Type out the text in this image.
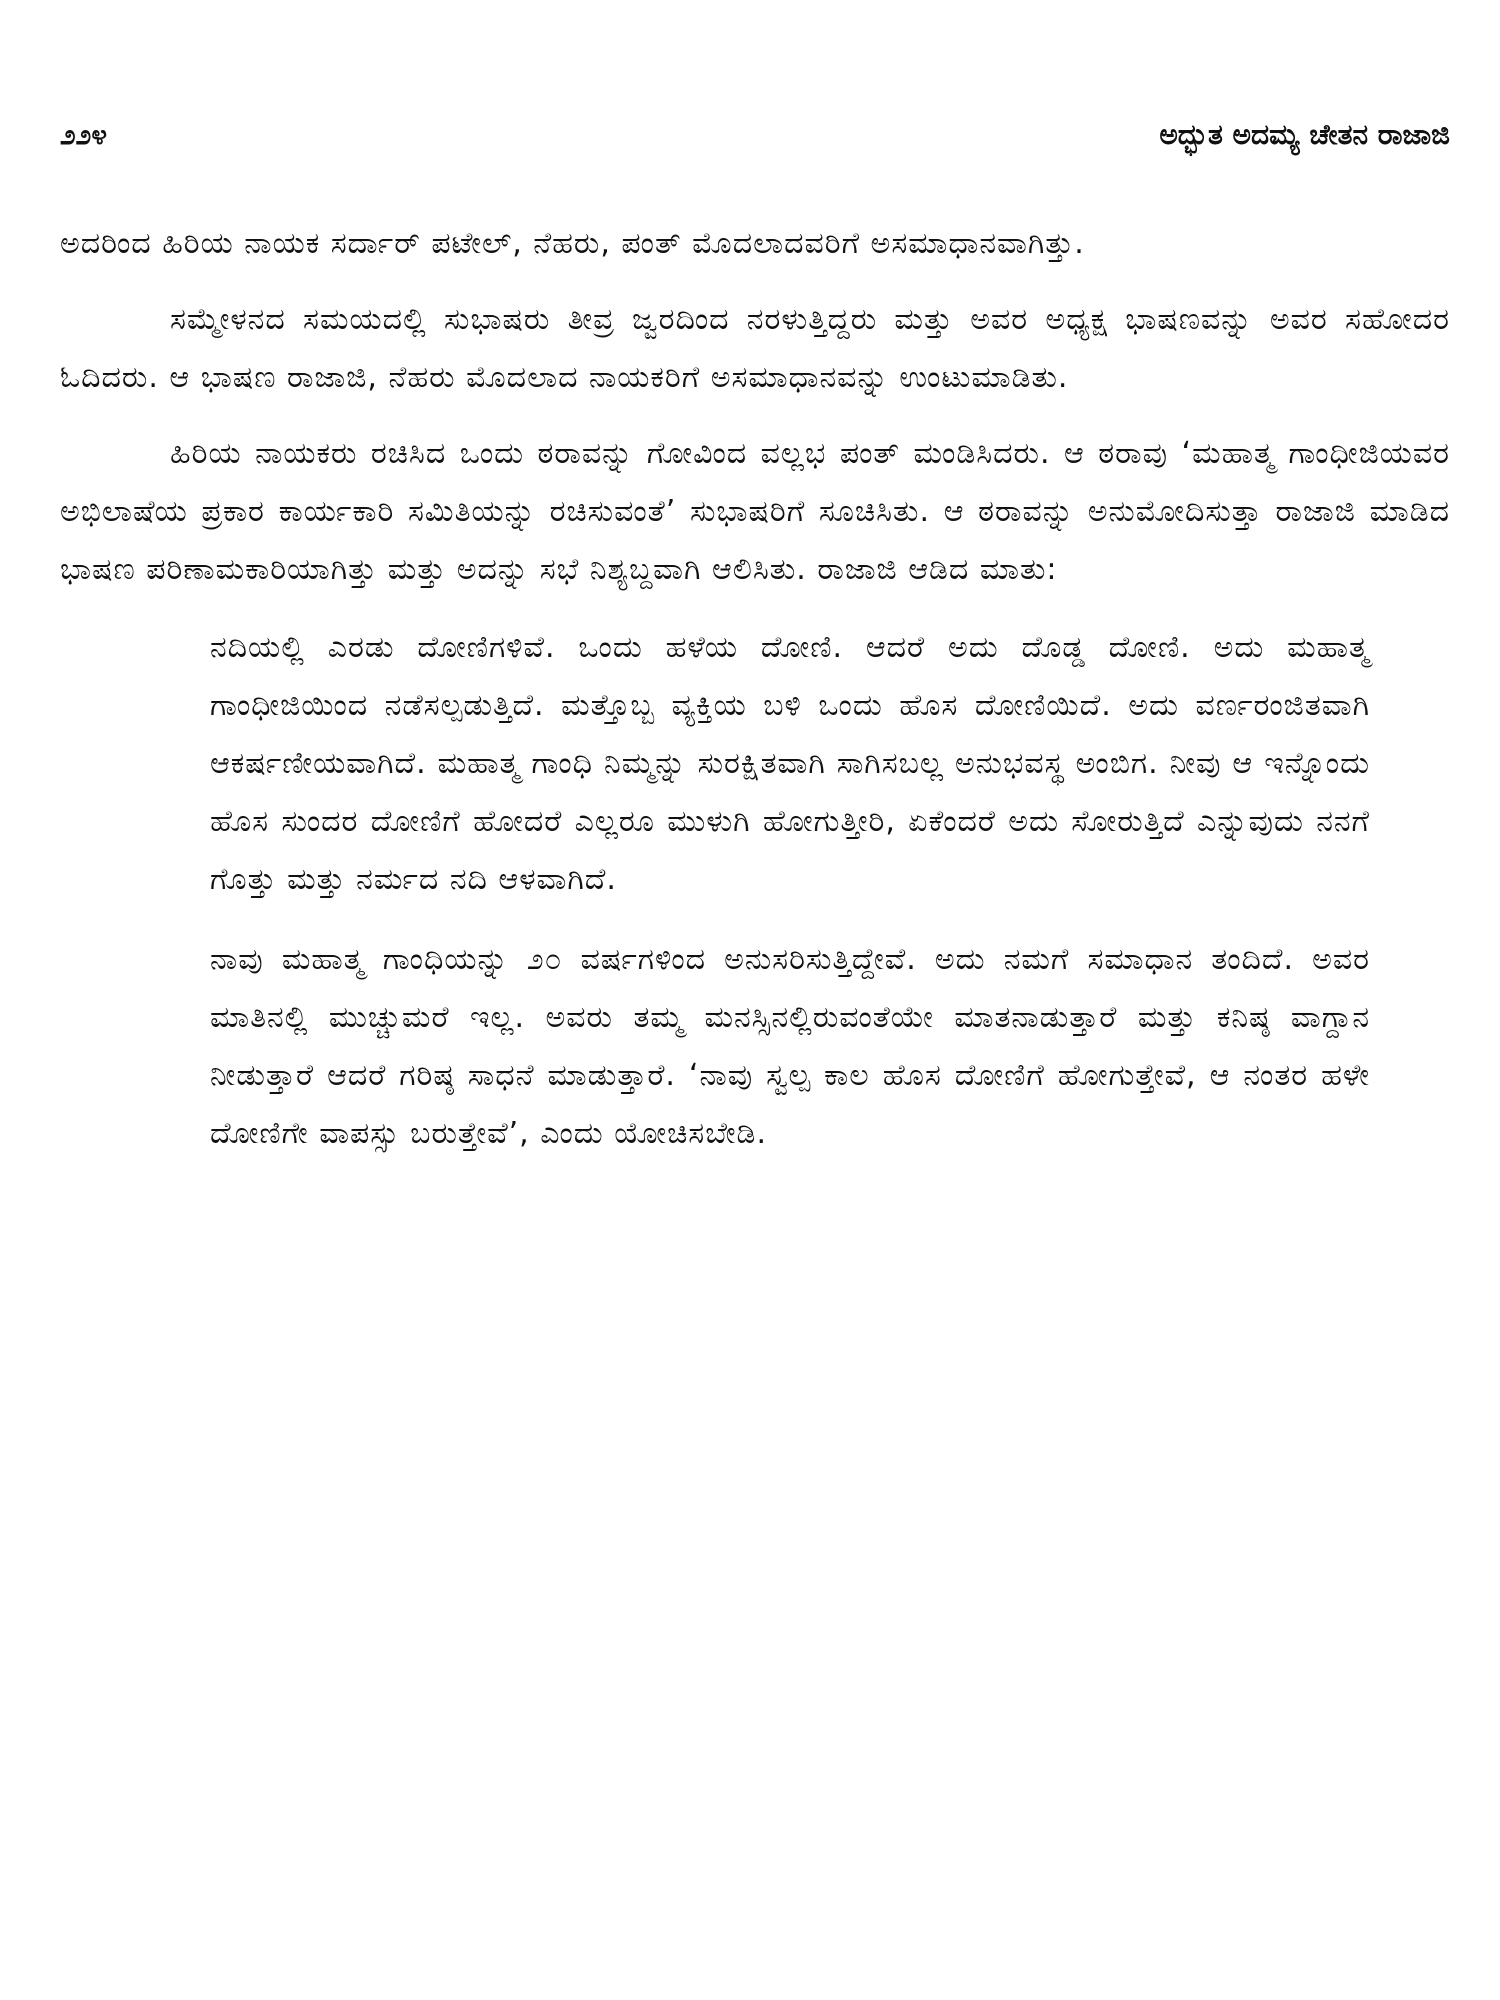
೨೨೪	ಅದ್ಭುತ ಅದಮ್ಯ ಚೇತನ ರಾಜಾಜಿ

ಅದರಿಂದ ಹಿರಿಯ ನಾಯಕ ಸರ್ದಾರ್ ಪಟೇಲ್, ನೆಹರು, ಪಂತ್ ಮೊದಲಾದವರಿಗೆ ಅಸಮಾಧಾನವಾಗಿತ್ತು.

ಸಮ್ಮೇಳನದ ಸಮಯದಲ್ಲಿ ಸುಭಾಷರು ತೀವ್ರ ಜ್ವರದಿಂದ ನರಳುತ್ತಿದ್ದರು ಮತ್ತು ಅವರ ಅಧ್ಯಕ್ಷ ಭಾಷಣವನ್ನು ಅವರ ಸಹೋದರ ಓದಿದರು. ಆ ಭಾಷಣ ರಾಜಾಜಿ, ನೆಹರು ಮೊದಲಾದ ನಾಯಕರಿಗೆ ಅಸಮಾಧಾನವನ್ನು ಉಂಟುಮಾಡಿತು.

ಹಿರಿಯ ನಾಯಕರು ರಚಿಸಿದ ಒಂದು ಠರಾವನ್ನು ಗೋವಿಂದ ವಲ್ಲಭ ಪಂತ್ ಮಂಡಿಸಿದರು. ಆ ಠರಾವು ‘ಮಹಾತ್ಮ ಗಾಂಧೀಜಿಯವರ ಅಭಿಲಾಷೆಯ ಪ್ರಕಾರ ಕಾರ್ಯಕಾರಿ ಸಮಿತಿಯನ್ನು ರಚಿಸುವಂತೆ’ ಸುಭಾಷರಿಗೆ ಸೂಚಿಸಿತು. ಆ ಠರಾವನ್ನು ಅನುಮೋದಿಸುತ್ತಾ ರಾಜಾಜಿ ಮಾಡಿದ ಭಾಷಣ ಪರಿಣಾಮಕಾರಿಯಾಗಿತ್ತು ಮತ್ತು ಅದನ್ನು ಸಭೆ ನಿಶ್ಯಬ್ದವಾಗಿ ಆಲಿಸಿತು. ರಾಜಾಜಿ ಆಡಿದ ಮಾತು:

ನದಿಯಲ್ಲಿ ಎರಡು ದೋಣಿಗಳಿವೆ. ಒಂದು ಹಳೆಯ ದೋಣಿ. ಆದರೆ ಅದು ದೊಡ್ಡ ದೋಣಿ. ಅದು ಮಹಾತ್ಮ ಗಾಂಧೀಜಿಯಿಂದ ನಡೆಸಲ್ಪಡುತ್ತಿದೆ. ಮತ್ತೊಬ್ಬ ವ್ಯಕ್ತಿಯ ಬಳಿ ಒಂದು ಹೊಸ ದೋಣಿಯಿದೆ. ಅದು ವರ್ಣರಂಜಿತವಾಗಿ ಆಕರ್ಷಣೀಯವಾಗಿದೆ. ಮಹಾತ್ಮ ಗಾಂಧಿ ನಿಮ್ಮನ್ನು ಸುರಕ್ಷಿತವಾಗಿ ಸಾಗಿಸಬಲ್ಲ ಅನುಭವಸ್ಥ ಅಂಬಿಗ. ನೀವು ಆ ಇನ್ನೊಂದು ಹೊಸ ಸುಂದರ ದೋಣಿಗೆ ಹೋದರೆ ಎಲ್ಲರೂ ಮುಳುಗಿ ಹೋಗುತ್ತೀರಿ, ಏಕೆಂದರೆ ಅದು ಸೋರುತ್ತಿದೆ ಎನ್ನುವುದು ನನಗೆ ಗೊತ್ತು ಮತ್ತು ನರ್ಮದ ನದಿ ಆಳವಾಗಿದೆ.

ನಾವು ಮಹಾತ್ಮ ಗಾಂಧಿಯನ್ನು ೨೦ ವರ್ಷಗಳಿಂದ ಅನುಸರಿಸುತ್ತಿದ್ದೇವೆ. ಅದು ನಮಗೆ ಸಮಾಧಾನ ತಂದಿದೆ. ಅವರ ಮಾತಿನಲ್ಲಿ ಮುಚ್ಚುಮರೆ ಇಲ್ಲ. ಅವರು ತಮ್ಮ ಮನಸ್ಸಿನಲ್ಲಿರುವಂತೆಯೇ ಮಾತನಾಡುತ್ತಾರೆ ಮತ್ತು ಕನಿಷ್ಠ ವಾಗ್ದಾನ ನೀಡುತ್ತಾರೆ ಆದರೆ ಗರಿಷ್ಠ ಸಾಧನೆ ಮಾಡುತ್ತಾರೆ. ‘ನಾವು ಸ್ವಲ್ಪ ಕಾಲ ಹೊಸ ದೋಣಿಗೆ ಹೋಗುತ್ತೇವೆ, ಆ ನಂತರ ಹಳೇ ದೋಣಿಗೇ ವಾಪಸ್ಸು ಬರುತ್ತೇವೆ’, ಎಂದು ಯೋಚಿಸಬೇಡಿ.
